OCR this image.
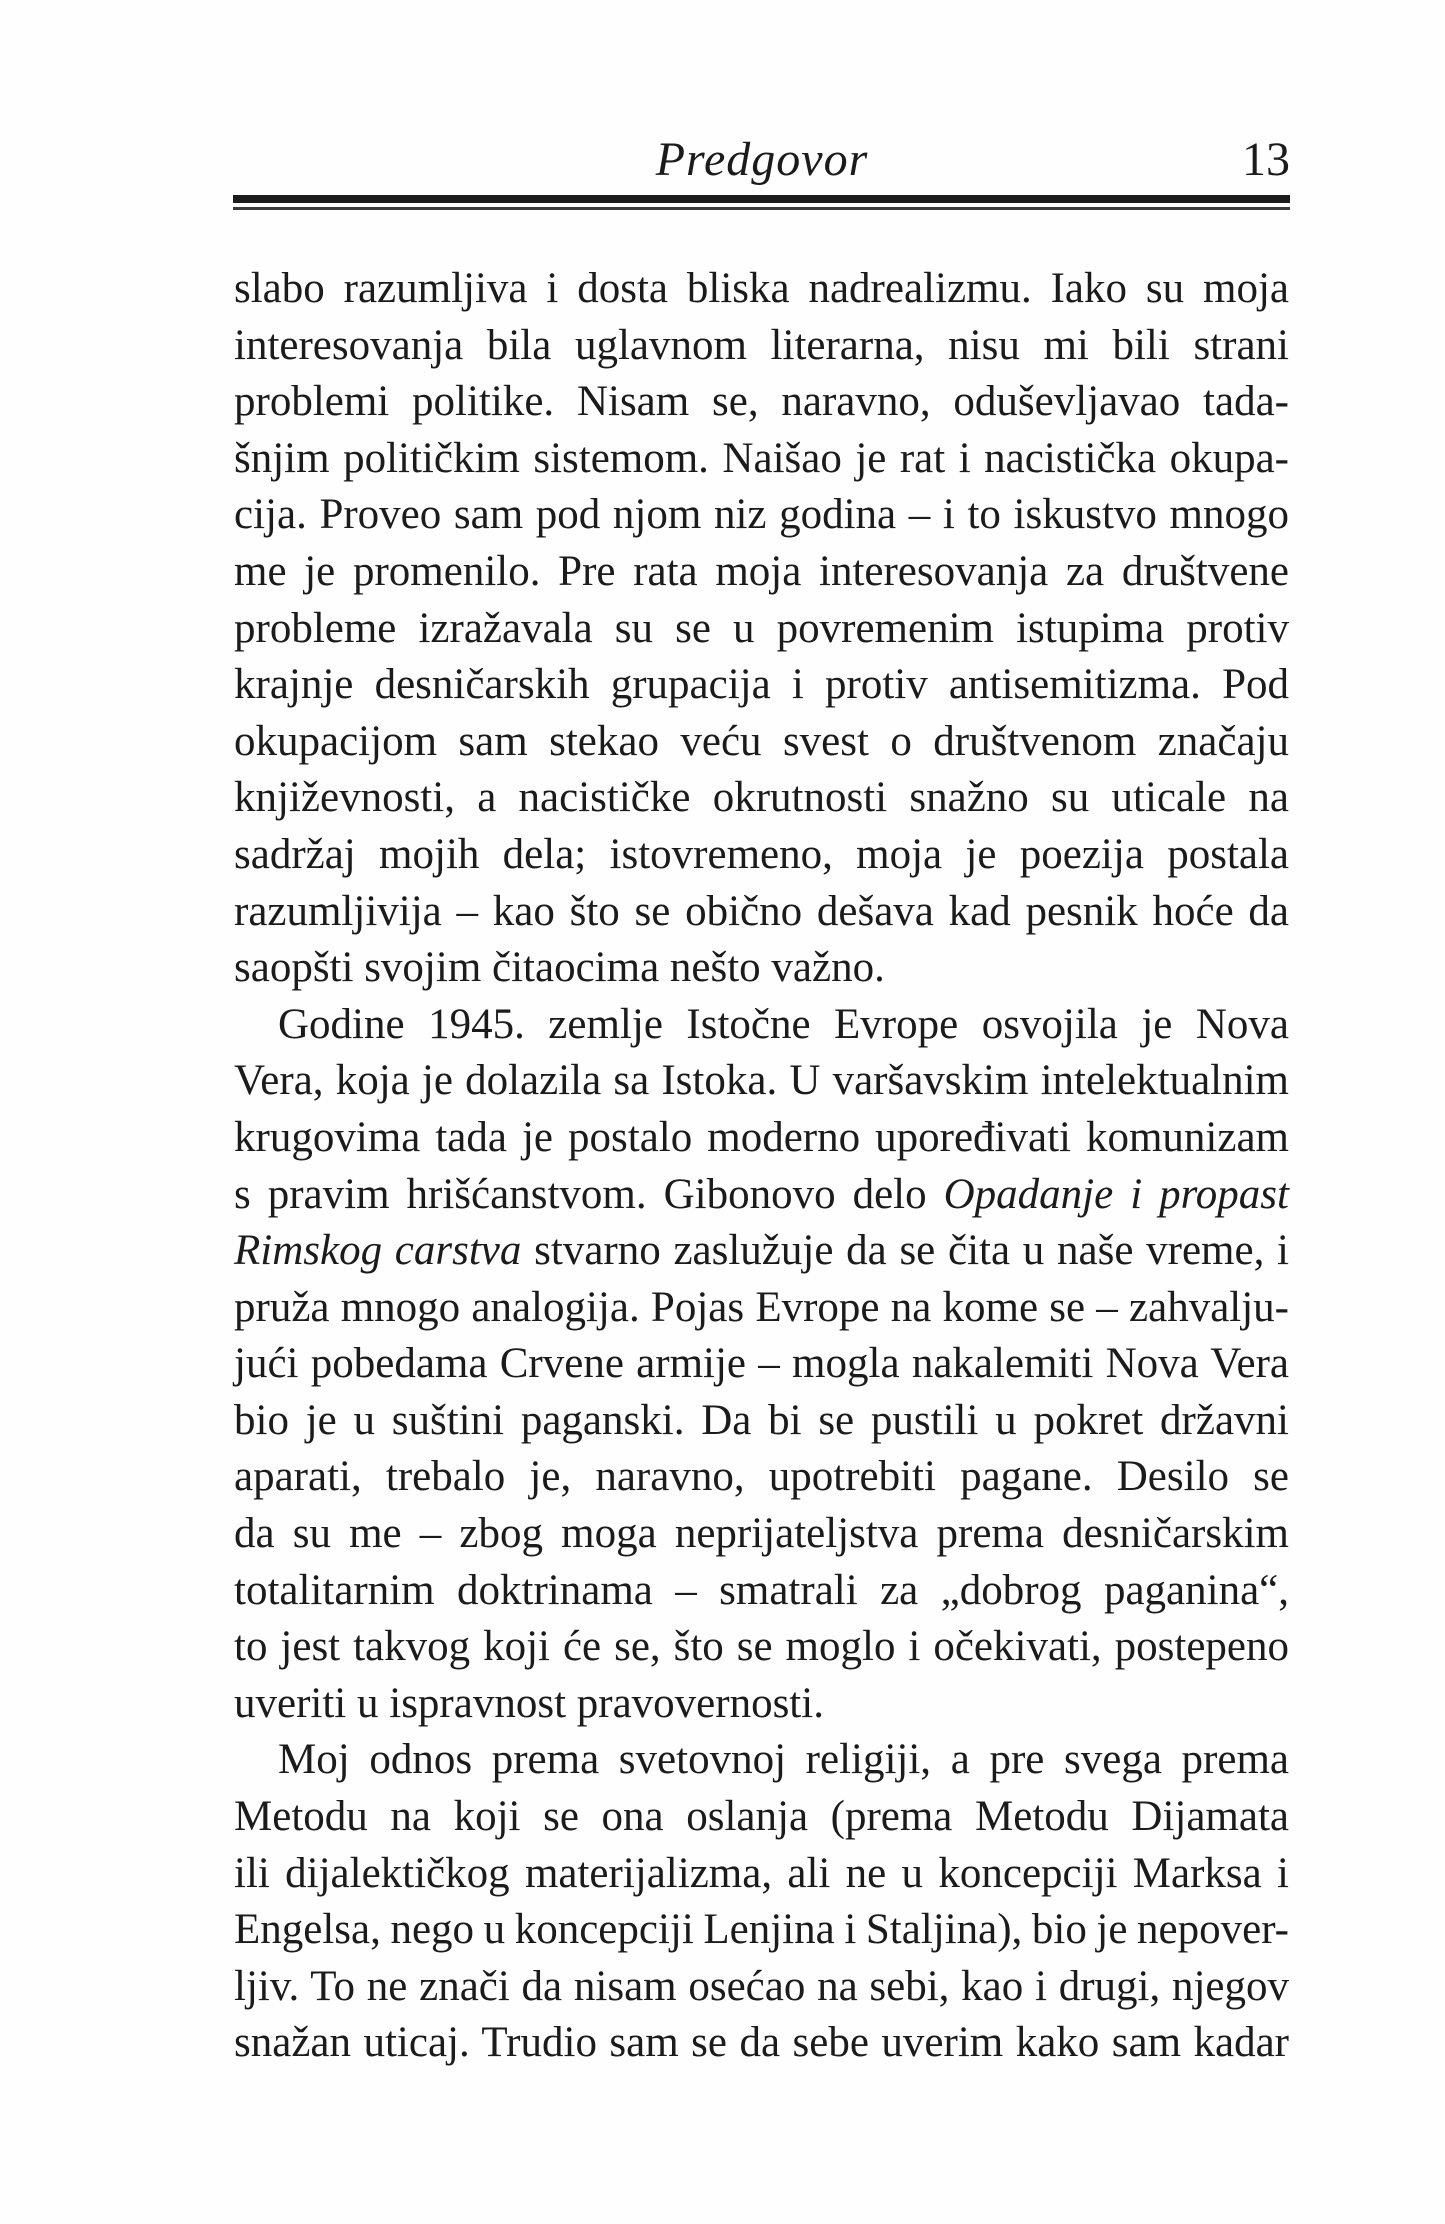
Predgovor	13
slabo razumljiva i dosta bliska nadrealizmu. Iako su moja
interesovanja bila uglavnom literarna, nisu mi bili strani
problemi politike. Nisam se, naravno, oduševljavao tada-
šnjim političkim sistemom. Naišao je rat i nacistička okupa-
cija. Proveo sam pod njom niz godina – i to iskustvo mnogo
me je promenilo. Pre rata moja interesovanja za društvene
probleme izražavala su se u povremenim istupima protiv
krajnje desničarskih grupacija i protiv antisemitizma. Pod
okupacijom sam stekao veću svest o društvenom značaju
književnosti, a nacističke okrutnosti snažno su uticale na
sadržaj mojih dela; istovremeno, moja je poezija postala
razumljivija – kao što se obično dešava kad pesnik hoće da
saopšti svojim čitaocima nešto važno.
Godine 1945. zemlje Istočne Evrope osvojila je Nova
Vera, koja je dolazila sa Istoka. U varšavskim intelektualnim
krugovima tada je postalo moderno upoređivati komunizam
s pravim hrišćanstvom. Gibonovo delo Opadanje i propast
Rimskog carstva stvarno zaslužuje da se čita u naše vreme, i
pruža mnogo analogija. Pojas Evrope na kome se – zahvalju-
jući pobedama Crvene armije – mogla nakalemiti Nova Vera
bio je u suštini paganski. Da bi se pustili u pokret državni
aparati, trebalo je, naravno, upotrebiti pagane. Desilo se
da su me – zbog moga neprijateljstva prema desničarskim
totalitarnim doktrinama – smatrali za „dobrog paganina“,
to jest takvog koji će se, što se moglo i očekivati, postepeno
uveriti u ispravnost pravovernosti.
Moj odnos prema svetovnoj religiji, a pre svega prema
Metodu na koji se ona oslanja (prema Metodu Dijamata
ili dijalektičkog materijalizma, ali ne u koncepciji Marksa i
Engelsa, nego u koncepciji Lenjina i Staljina), bio je nepover-
ljiv. To ne znači da nisam osećao na sebi, kao i drugi, njegov
snažan uticaj. Trudio sam se da sebe uverim kako sam kadar
